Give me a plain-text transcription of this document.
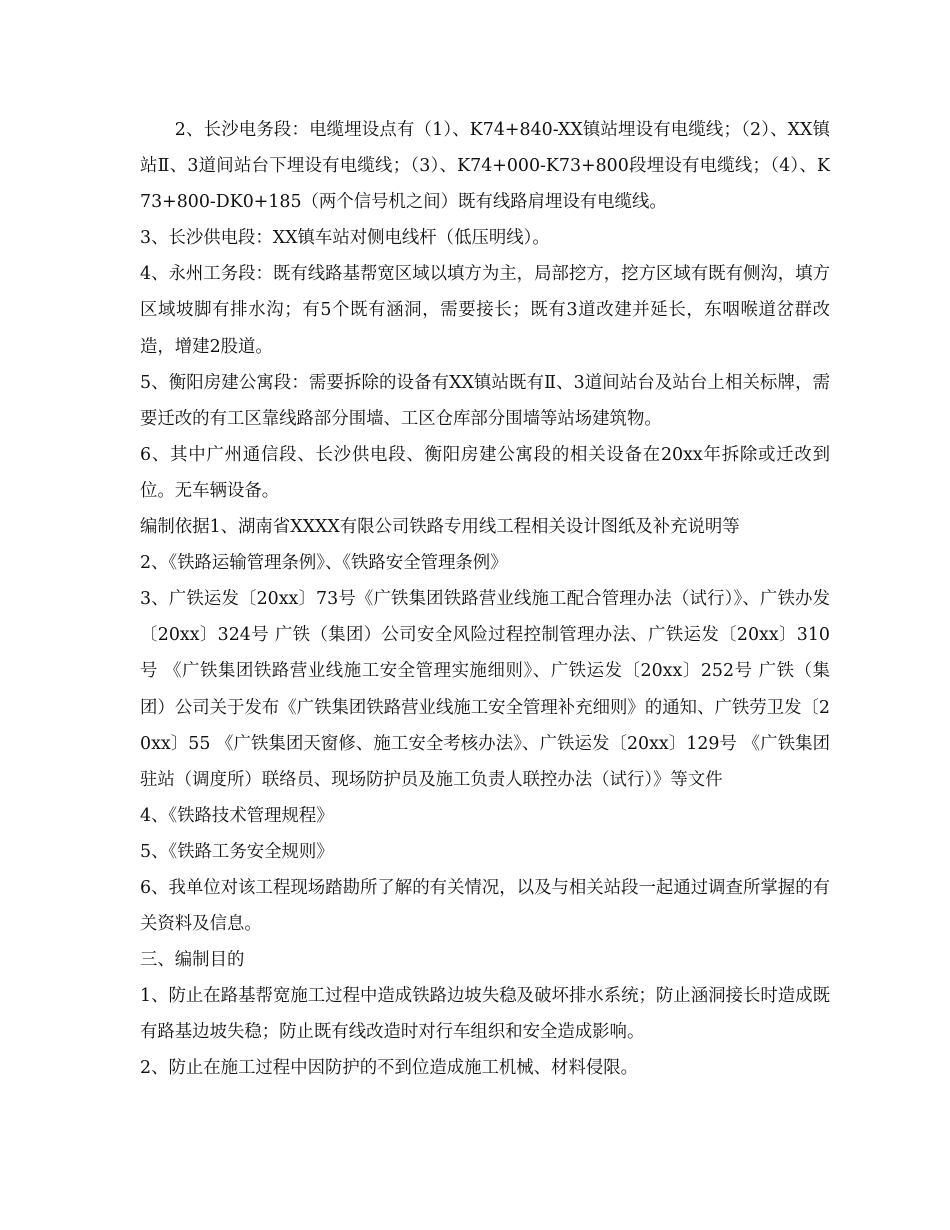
2、长沙电务段：电缆埋设点有（1）、K74+840-XX镇站埋设有电缆线；（2）、XX镇站Ⅱ、3道间站台下埋设有电缆线；（3）、K74+000-K73+800段埋设有电缆线；（4）、K73+800-DK0+185（两个信号机之间）既有线路肩埋设有电缆线。

3、长沙供电段：XX镇车站对侧电线杆（低压明线）。

4、永州工务段：既有线路基帮宽区域以填方为主，局部挖方，挖方区域有既有侧沟，填方区域坡脚有排水沟；有5个既有涵洞，需要接长；既有3道改建并延长，东咽喉道岔群改造，增建2股道。

5、衡阳房建公寓段：需要拆除的设备有XX镇站既有Ⅱ、3道间站台及站台上相关标牌，需要迁改的有工区靠线路部分围墙、工区仓库部分围墙等站场建筑物。

6、其中广州通信段、长沙供电段、衡阳房建公寓段的相关设备在20xx年拆除或迁改到位。无车辆设备。

编制依据1、湖南省XXXX有限公司铁路专用线工程相关设计图纸及补充说明等

2、《铁路运输管理条例》、《铁路安全管理条例》

3、广铁运发〔20xx〕73号《广铁集团铁路营业线施工配合管理办法（试行）》、广铁办发〔20xx〕324号 广铁（集团）公司安全风险过程控制管理办法、广铁运发〔20xx〕310号 《广铁集团铁路营业线施工安全管理实施细则》、广铁运发〔20xx〕252号 广铁（集团）公司关于发布《广铁集团铁路营业线施工安全管理补充细则》的通知、广铁劳卫发〔20xx〕55 《广铁集团天窗修、施工安全考核办法》、广铁运发〔20xx〕129号 《广铁集团驻站（调度所）联络员、现场防护员及施工负责人联控办法（试行）》等文件

4、《铁路技术管理规程》

5、《铁路工务安全规则》

6、我单位对该工程现场踏勘所了解的有关情况，以及与相关站段一起通过调查所掌握的有关资料及信息。

三、编制目的

1、防止在路基帮宽施工过程中造成铁路边坡失稳及破坏排水系统；防止涵洞接长时造成既有路基边坡失稳；防止既有线改造时对行车组织和安全造成影响。

2、防止在施工过程中因防护的不到位造成施工机械、材料侵限。
